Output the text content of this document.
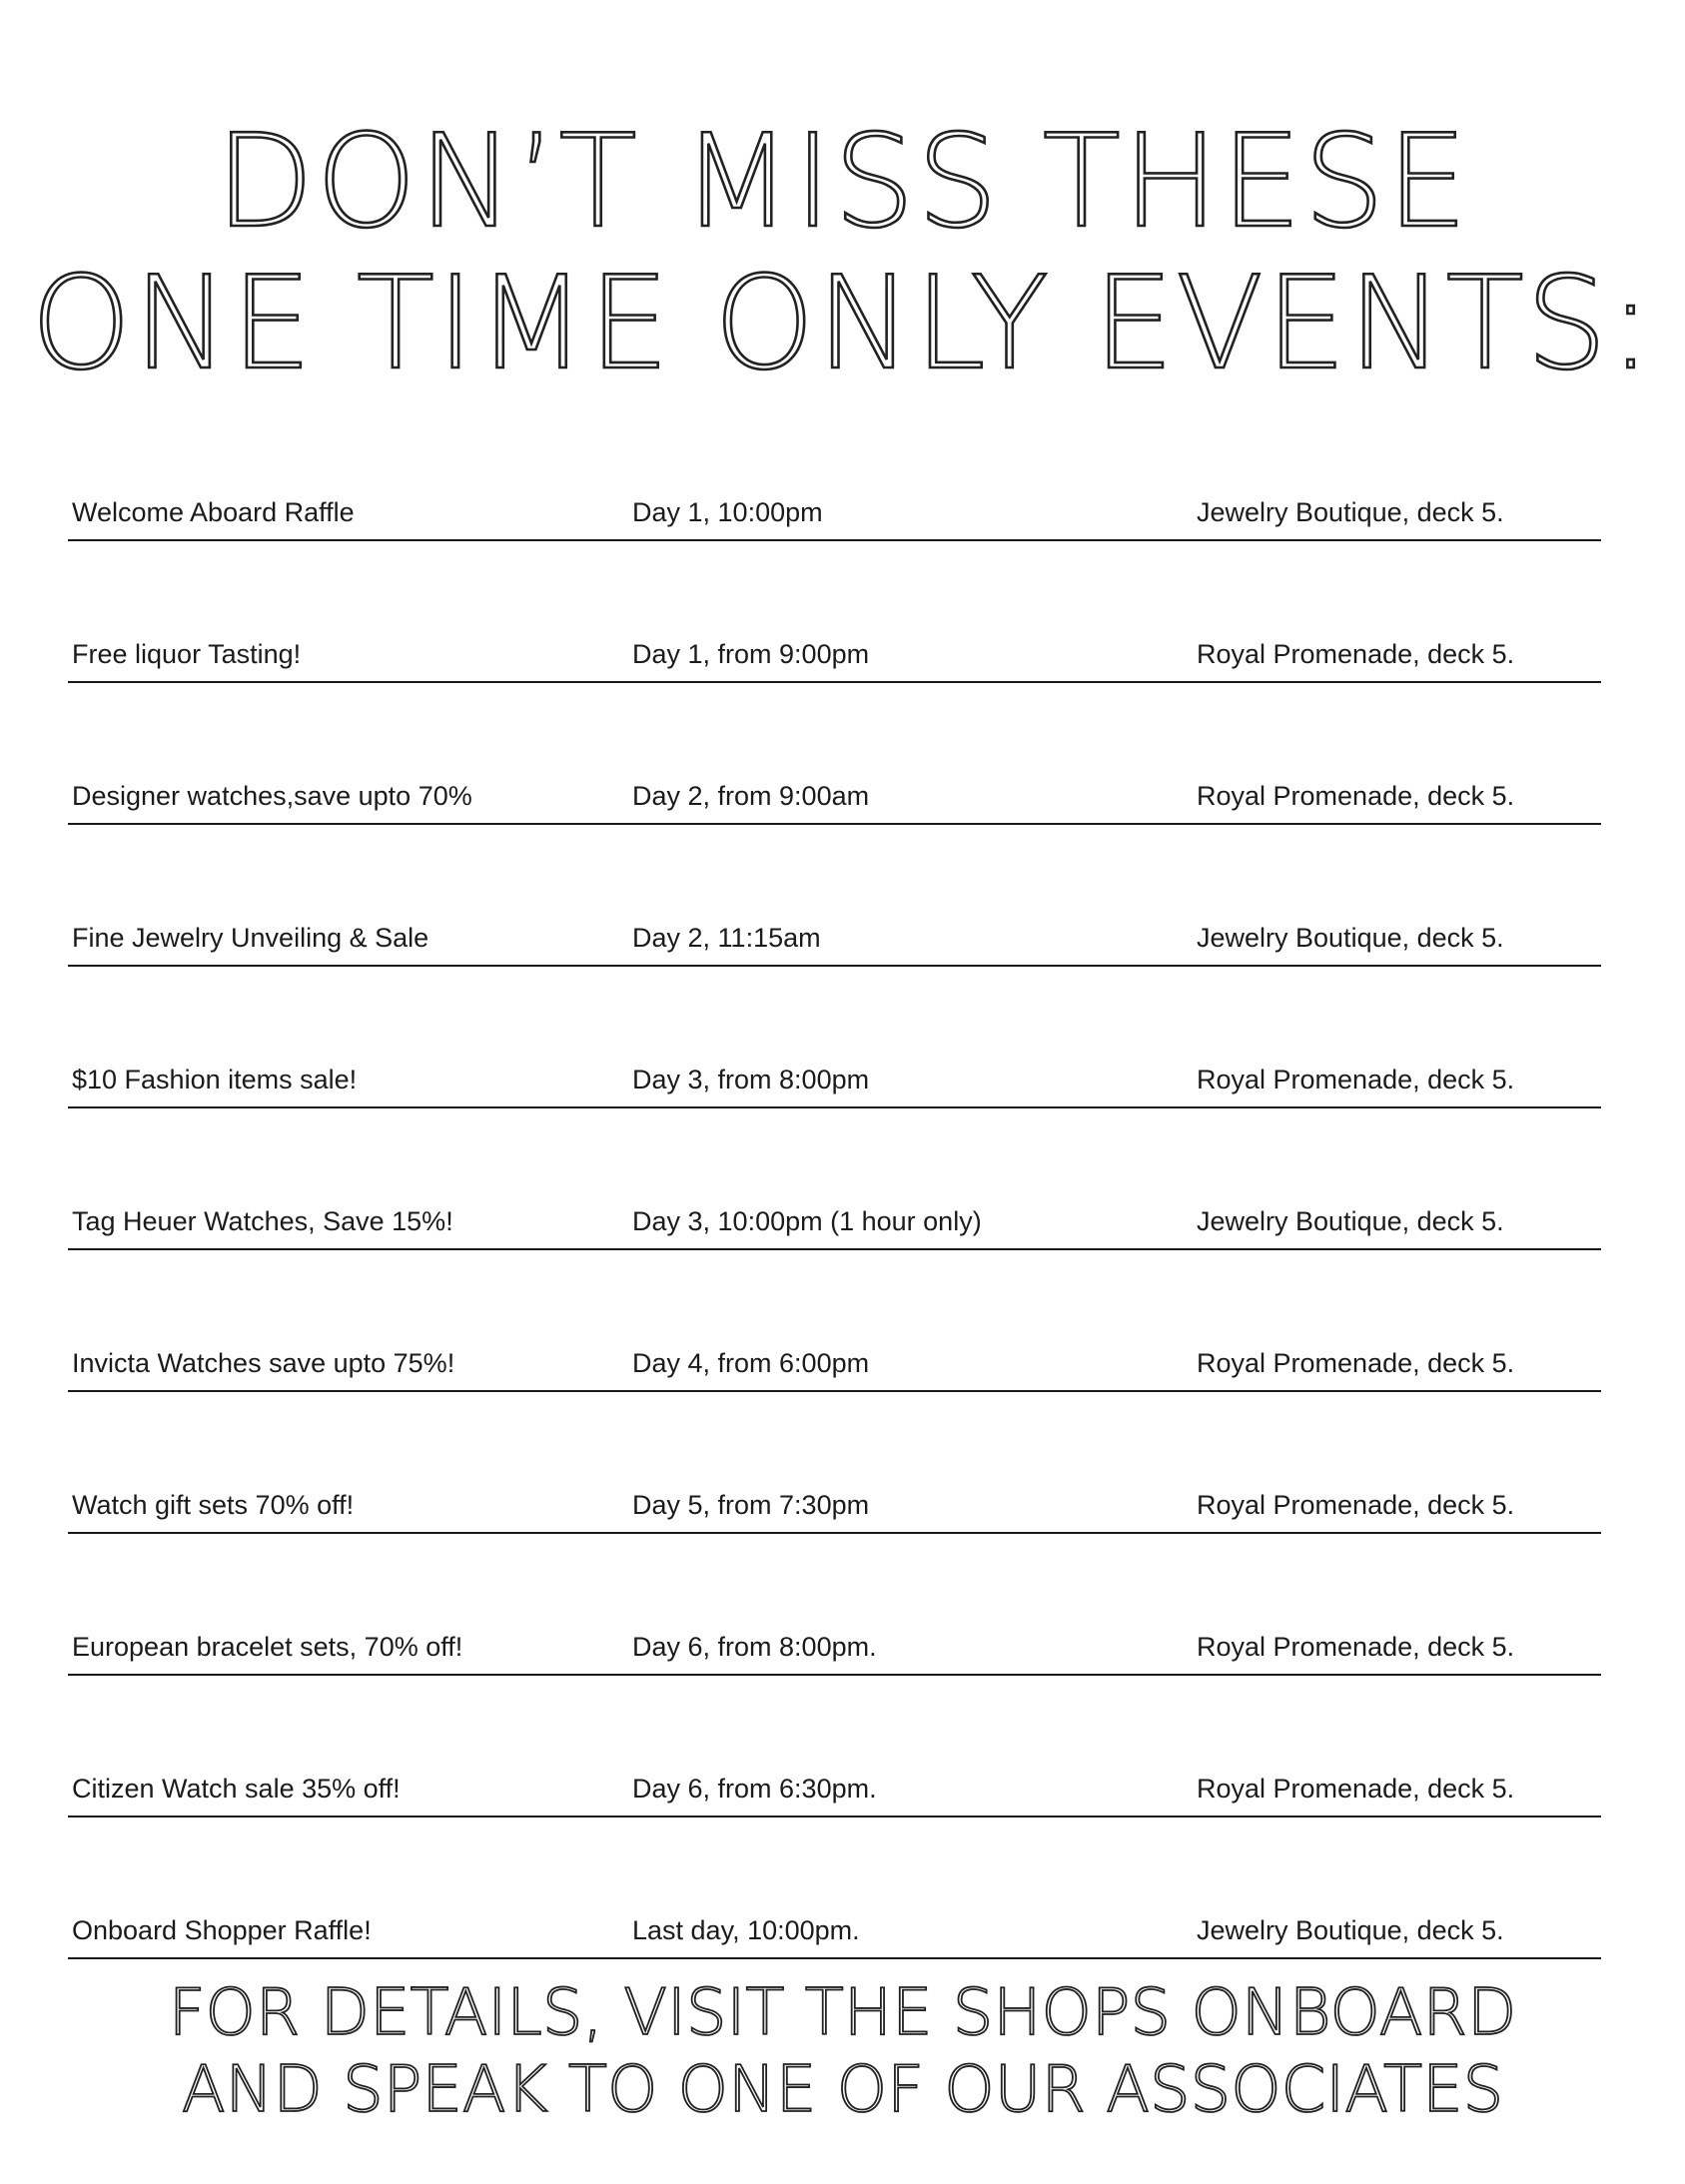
DON’T MISS THESE
ONE TIME ONLY EVENTS:
Welcome Aboard Raffle	Day 1, 10:00pm	Jewelry Boutique, deck 5.
Free liquor Tasting!	Day 1, from 9:00pm	Royal Promenade, deck 5.
Designer watches,save upto 70%	Day 2, from 9:00am	Royal Promenade, deck 5.
Fine Jewelry Unveiling & Sale	Day 2, 11:15am	Jewelry Boutique, deck 5.
$10 Fashion items sale!	Day 3, from 8:00pm	Royal Promenade, deck 5.
Tag Heuer Watches, Save 15%!	Day 3, 10:00pm (1 hour only)	Jewelry Boutique, deck 5.
Invicta Watches save upto 75%!	Day 4, from 6:00pm	Royal Promenade, deck 5.
Watch gift sets 70% off!	Day 5, from 7:30pm	Royal Promenade, deck 5.
European bracelet sets, 70% off!	Day 6, from 8:00pm.	Royal Promenade, deck 5.
Citizen Watch sale 35% off!	Day 6, from 6:30pm.	Royal Promenade, deck 5.
Onboard Shopper Raffle!	Last day, 10:00pm.	Jewelry Boutique, deck 5.
FOR DETAILS, VISIT THE SHOPS ONBOARD
AND SPEAK TO ONE OF OUR ASSOCIATES
